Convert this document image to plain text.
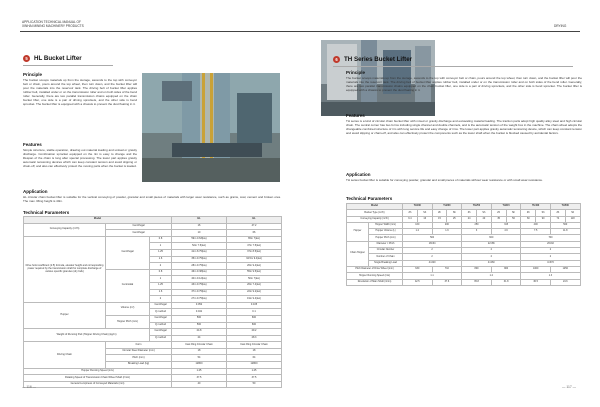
APPLICATION TECHNICAL MANUAL OF
XINHAI MINING MACHINERY PRODUCTS
5	HL Bucket Lifter
Principle
The bucket scoops materials up from the storage, ascends to the top with conveyor belt or chain, pours around the top wheel, then turn down, and the bucket lifter will pour the materials into the reservoir tank. The driving belt of bucket lifter applies rubber belt, installed under or on the transmission roller and on both sides of the bend roller. Generally, there are two parallel transmission chains equipped on the chain bucket lifter, one side is a pair of driving sprockets, and the other side is bend sprocket. The bucket lifter is equipped with a chassis to prevent the dust floating in it.
Features
Simple structure, stable operation, drawing out material loading and unload or gravity discharge. Combination sprocket equipped on the rim is easy to change and the lifespan of the chain is long after special processing. The lower part applies gravity automatic tensioning devices which can keep constant tension and avoid slipping or chain-off, and also can effectively protect the moving parts when the bucket is loaded.
Application
HL circular chain bucket lifter is suitable for the vertical conveying of powder, granular and small pieces of materials with larger wear resistance, such as grains, coal, cement and broken ores. The max. lifting height is 40m.
Technical Parameters
Model			HL	HL
Conveying Capacity (m³/h)	Centrifugal		16	47.2
	Centrifugal		10	66
Drive hoist coefficient (2.5) formula, elevator height and corresponding power required by the transmission shaft for complete discharge of various specific granules (dry bulk)	Centrifugal	0.8	59m 0.63(kw)	65m 7(kw)
		1	52m 7.5(kw)	47m 7.5(kw)
		1.25	41m 8.75(kw)	37m 8.5(kw)
		1.6	35m 9.75(kw)	34.5m 9.4(kw)
		2	28m 9.75(kw)	26m 9.4(kw)
	Centroidal	0.8	46m 9.38(kw)	55m 9.5(kw)
		1	40m 9.12(kw)	50m 7(kw)
		1.25	43m 9.75(kw)	26m 7.4(kw)
		1.6	37m 9.75(kw)	22m 9.2(kw)
		2	27m 9.75(kw)	19m 9.4(kw)
Hopper	Volume (m³)	Centrifugal	0.052	0.105
		Q method	0.041	0.1
	Hopper Pitch (mm)	Centrifugal	500	600
		Q method	500	600
Weight of Running Part (Hopper Driving Chain) (kg/m)		Centrifugal	24.8	29.2
		Q method	24	28.3
Driving Chain	Form		Cast Ring Circular Chain	Cast Ring Circular Chain
	Circular Steel Diameter (mm)		18	18
	Pitch (mm)		54	64
	Breaking Load (kg)		12800	12800
Hopper Running Speed (m/s)			1.25	1.25
Rotating Speed of Transmission Chain Wheel Shaft (r/min)			37.5	37.5
General Lumpiness of Conveyed Materials (mm)			40	50
— 116 —
DRYING
6	TH Series Bucket Lifter
Principle
The bucket scoops materials up from the storage, ascends to the top with conveyor belt or chain, pours around the top wheel, then turn down, and the bucket lifter will pour the materials into the reservoir tank. The driving belt of bucket lifter applies rubber belt, installed under or on the transmission roller and on both sides of the bend roller. Generally, there are two parallel transmission chains equipped on the chain bucket lifter, one side is a pair of driving sprockets, and the other side is bend sprocket. The bucket lifter is equipped with a chassis to prevent the dust floating in it.
Features
TH series is a kind of circular chain bucket lifter with mixed or gravity discharge and excavating material loading. The traction parts adopt high quality alloy steel and high circular chain. The central corner has two forms including single channel and double channels, and is the automatic tension of the weight box in the machine. The chain wheel adopts the changeable combined structure of rim with long service life and easy change of rims. The lower part applies gravity automatic tensioning device, which can keep constant tension and avoid slipping or chain-off, and also can effectively protect the components such as the lower shaft when the bucket is blocked caused by accidental factors.
Application
TH series bucket lifter is suitable for conveying powder, granular and small pieces of materials without wear resistance or with small wear resistance.
Technical Parameters
Model		TH160		TH200		TH250		TH315		TH400		TH500	
Bucket Type (m³/h)		Zh	Sh	Zh	Sh	Zh	Sh	Zh	Sh	Zh	Sh	Zh	Sh
Conveying Capacity (m³/h)		9.4	16	15	25	24	40	35	56	60	90	74	118
Hopper	Hopper Width (mm)	160		200		250		315		400		500	
	Hopper Volume (L)	1.2		1.9		3		4.6		7.5		11.8	
	Hopper Pitch (mm)	500				600				700			
Chain Hopper	Diameter × Pitch	18×64				22×86				26×92			
	Circular Number	2				2				2			
	Number of Chain	2				2				2			
	Single Breaking Load	4×220				4×260				4×370			
Pitch Diameter of Drive Wheel (mm)		630		710		800		900		1000		1250	
Hopper Running Speed (m/s)		1.1				1.2				1.3			
Revolution of Main Shaft (r/min)		42.5		37.6		35.8		31.8		30.5		24.6	
— 117 —
